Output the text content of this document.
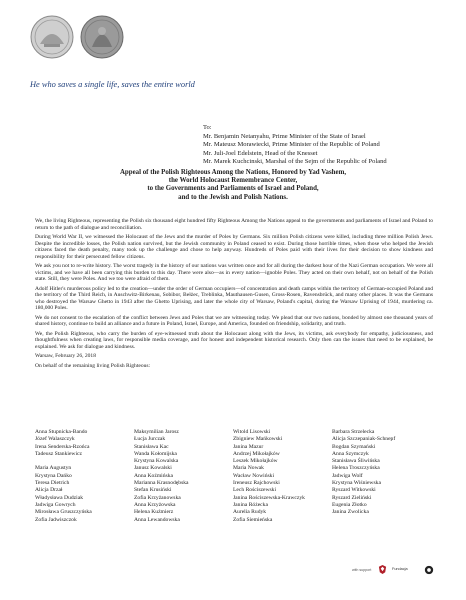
He who saves a single life, saves the entire world
To:
Mr. Benjamin Netanyahu, Prime Minister of the State of Israel
Mr. Mateusz Morawiecki, Prime Minister of the Republic of Poland
Mr. Juli-Joel Edelstein, Head of the Knesset
Mr. Marek Kuchcinski, Marshal of the Sejm of the Republic of Poland
Appeal of the Polish Righteous Among the Nations, Honored by Yad Vashem,
the World Holocaust Remembrance Center,
to the Governments and Parliaments of Israel and Poland,
and to the Jewish and Polish Nations.

We, the living Righteous, representing the Polish six thousand eight hundred fifty Righteous Among the Nations appeal to the governments and parliaments of Israel and Poland to return to the path of dialogue and reconciliation.

During World War II, we witnessed the Holocaust of the Jews and the murder of Poles by Germans. Six million Polish citizens were killed, including three million Polish Jews. Despite the incredible losses, the Polish nation survived, but the Jewish community in Poland ceased to exist. During those horrible times, when those who helped the Jewish citizens faced the death penalty, many took up the challenge and chose to help anyway. Hundreds of Poles paid with their lives for their decision to show kindness and responsibility for their persecuted fellow citizens.

We ask you not to re-write history. The worst tragedy in the history of our nations was written once and for all during the darkest hour of the Nazi German occupation. We were all victims, and we have all been carrying this burden to this day. There were also—as in every nation—ignoble Poles. They acted on their own behalf, not on behalf of the Polish state. Still, they were Poles. And we too were afraid of them.

Adolf Hitler's murderous policy led to the creation—under the order of German occupiers—of concentration and death camps within the territory of German-occupied Poland and the territory of the Third Reich, in Auschwitz-Birkenau, Sobibor, Bełżec, Treblinka, Mauthausen-Gusen, Gross-Rosen, Ravensbrück, and many other places. It was the Germans who destroyed the Warsaw Ghetto in 1943 after the Ghetto Uprising, and later the whole city of Warsaw, Poland's capital, during the Warsaw Uprising of 1944, murdering ca. 180,000 Poles.

We do not consent to the escalation of the conflict between Jews and Poles that we are witnessing today. We plead that our two nations, bonded by almost one thousand years of shared history, continue to build an alliance and a future in Poland, Israel, Europe, and America, founded on friendship, solidarity, and truth.

We, the Polish Righteous, who carry the burden of eye-witnessed truth about the Holocaust along with the Jews, its victims, ask everybody for empathy, judiciousness, and thoughtfulness when creating laws, for responsible media coverage, and for honest and independent historical research. Only then can the issues that need to be explained, be explained. We ask for dialogue and kindness.

Warsaw, February 26, 2018

On behalf of the remaining living Polish Righteous:

Anna Stupnicka-Bando
Józef Walaszczyk
Irena Senderska-Rzońca
Tadeusz Stankiewicz
Maria Augustyn
Krystyna Dańko
Teresa Dietrich
Alicja Drzał
Władysława Dudziak
Jadwiga Gowrych
Mirosława Gruszczyńska
Zofia Jadwiszczok
Maksymilian Jarosz
Łucja Jurczak
Stanisława Kac
Wanda Kołomijska
Krystyna Kowalska
Janusz Kowalski
Anna Koźmińska
Marianna Krasnodębska
Stefan Krusiński
Zofia Krzyżanowska
Anna Krzyżowska
Helena Kuźmierz
Anna Lewandowska
Witold Lisowski
Zbigniew Mańkowski
Janina Mazur
Andrzej Mikołajków
Leszek Mikołajków
Maria Nowak
Wacław Nowiński
Ireneusz Rajchowski
Lech Rościszewski
Janina Rościszewska-Krawczyk
Janina Różecka
Aurelia Rudyk
Zofia Siemieńska
Barbara Strzelecka
Alicja Szczepaniak-Schnepf
Bogdan Szymański
Anna Szymczyk
Stanisława Śliwińska
Helena Troszczyńska
Jadwiga Wolf
Krystyna Wiśniewska
Ryszard Witkowski
Ryszard Zieliński
Eugenia Złotko
Janina Zwolicka
with support	Fundacja
